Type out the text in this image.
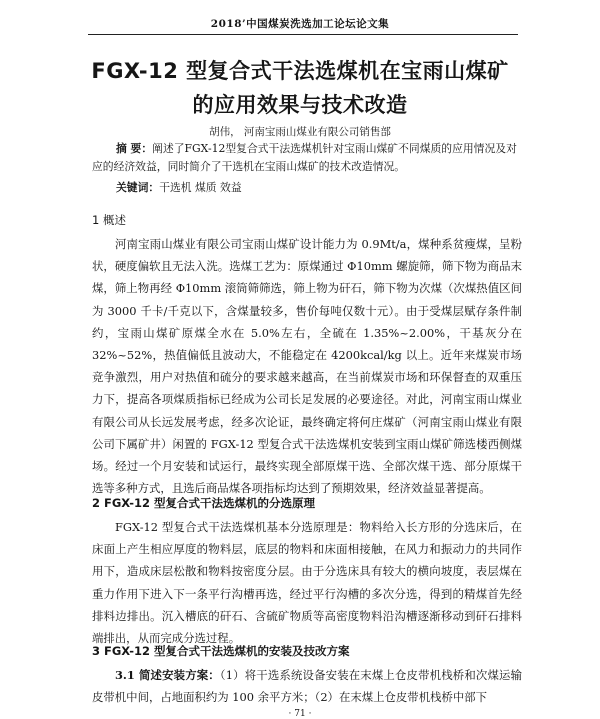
2018’中国煤炭洗选加工论坛论文集
FGX-12 型复合式干法选煤机在宝雨山煤矿
的应用效果与技术改造
胡伟， 河南宝雨山煤业有限公司销售部
摘 要：阐述了FGX-12型复合式干法选煤机针对宝雨山煤矿不同煤质的应用情况及对应的经济效益，同时简介了干选机在宝雨山煤矿的技术改造情况。
关键词：干选机 煤质 效益
1 概述

河南宝雨山煤业有限公司宝雨山煤矿设计能力为 0.9Mt/a，煤种系贫瘦煤，呈粉状，硬度偏软且无法入洗。选煤工艺为：原煤通过 Φ10mm 螺旋筛，筛下物为商品末煤，筛上物再经 Φ10mm 滚筒筛筛选，筛上物为矸石，筛下物为次煤（次煤热值区间为 3000 千卡/千克以下，含煤量较多，售价每吨仅数十元）。由于受煤层赋存条件制约，宝雨山煤矿原煤全水在 5.0%左右，全硫在 1.35%~2.00%，干基灰分在 32%~52%，热值偏低且波动大，不能稳定在 4200kcal/kg 以上。近年来煤炭市场竞争激烈，用户对热值和硫分的要求越来越高，在当前煤炭市场和环保督查的双重压力下，提高各项煤质指标已经成为公司长足发展的必要途径。对此，河南宝雨山煤业有限公司从长远发展考虑，经多次论证，最终确定将何庄煤矿（河南宝雨山煤业有限公司下属矿井）闲置的 FGX-12 型复合式干法选煤机安装到宝雨山煤矿筛选楼西侧煤场。经过一个月安装和试运行，最终实现全部原煤干选、全部次煤干选、部分原煤干选等多种方式，且选后商品煤各项指标均达到了预期效果，经济效益显著提高。

2 FGX-12 型复合式干法选煤机的分选原理

FGX-12 型复合式干法选煤机基本分选原理是：物料给入长方形的分选床后，在床面上产生相应厚度的物料层，底层的物料和床面相接触，在风力和振动力的共同作用下，造成床层松散和物料按密度分层。由于分选床具有较大的横向坡度，表层煤在重力作用下进入下一条平行沟槽再选，经过平行沟槽的多次分选，得到的精煤首先经排料边排出。沉入槽底的矸石、含硫矿物质等高密度物料沿沟槽逐渐移动到矸石排料端排出，从而完成分选过程。

3 FGX-12 型复合式干法选煤机的安装及技改方案

3.1 简述安装方案：（1）将干选系统设备安装在末煤上仓皮带机栈桥和次煤运输皮带机中间，占地面积约为 100 余平方米；（2）在末煤上仓皮带机栈桥中部下

· 71 ·
